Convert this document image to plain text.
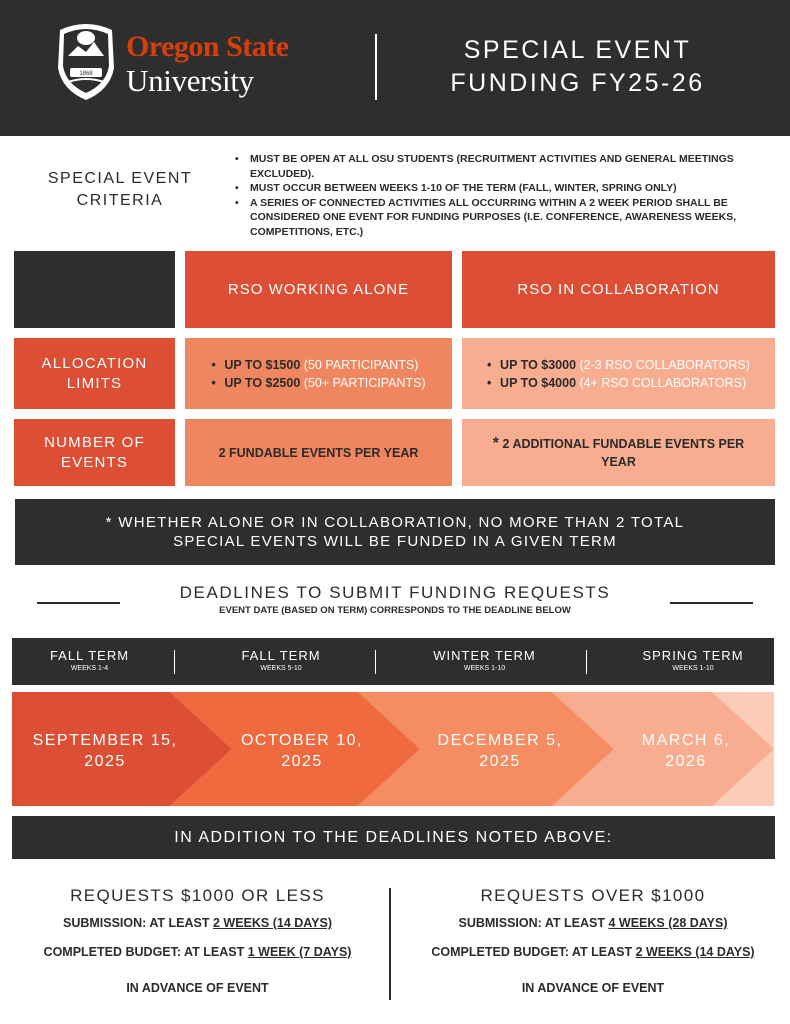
1868
Oregon State
University
SPECIAL EVENT
FUNDING FY25-26
SPECIAL EVENT
CRITERIA
• MUST BE OPEN AT ALL OSU STUDENTS (RECRUITMENT ACTIVITIES AND GENERAL MEETINGS EXCLUDED).
• MUST OCCUR BETWEEN WEEKS 1-10 OF THE TERM (FALL, WINTER, SPRING ONLY)
• A SERIES OF CONNECTED ACTIVITIES ALL OCCURRING WITHIN A 2 WEEK PERIOD SHALL BE CONSIDERED ONE EVENT FOR FUNDING PURPOSES (I.E. CONFERENCE, AWARENESS WEEKS, COMPETITIONS, ETC.)
RSO WORKING ALONE	RSO IN COLLABORATION
ALLOCATION
LIMITS
• UP TO $1500 (50 PARTICIPANTS)
• UP TO $2500 (50+ PARTICIPANTS)
• UP TO $3000 (2-3 RSO COLLABORATORS)
• UP TO $4000 (4+ RSO COLLABORATORS)
NUMBER OF
EVENTS
2 FUNDABLE EVENTS PER YEAR
* 2 ADDITIONAL FUNDABLE EVENTS PER
YEAR
* WHETHER ALONE OR IN COLLABORATION, NO MORE THAN 2 TOTAL
SPECIAL EVENTS WILL BE FUNDED IN A GIVEN TERM
DEADLINES TO SUBMIT FUNDING REQUESTS
EVENT DATE (BASED ON TERM) CORRESPONDS TO THE DEADLINE BELOW
FALL TERM
WEEKS 1-4
FALL TERM
WEEKS 5-10
WINTER TERM
WEEKS 1-10
SPRING TERM
WEEKS 1-10
SEPTEMBER 15,
2025
OCTOBER 10,
2025
DECEMBER 5,
2025
MARCH 6,
2026
IN ADDITION TO THE DEADLINES NOTED ABOVE:
REQUESTS $1000 OR LESS
SUBMISSION: AT LEAST 2 WEEKS (14 DAYS)
COMPLETED BUDGET: AT LEAST 1 WEEK (7 DAYS)
IN ADVANCE OF EVENT
REQUESTS OVER $1000
SUBMISSION: AT LEAST 4 WEEKS (28 DAYS)
COMPLETED BUDGET: AT LEAST 2 WEEKS (14 DAYS)
IN ADVANCE OF EVENT
